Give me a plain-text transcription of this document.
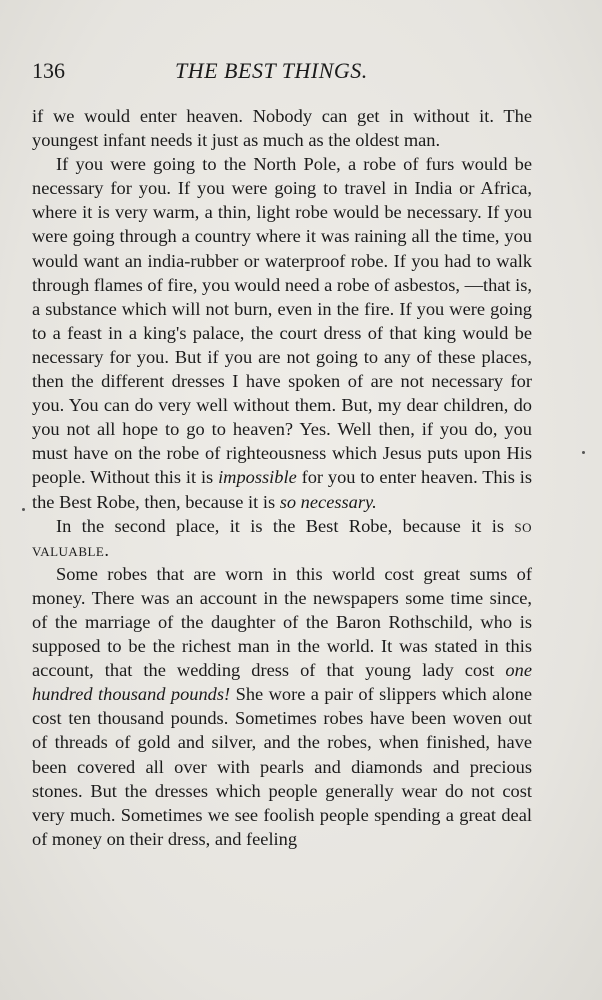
136	THE BEST THINGS.

if we would enter heaven. Nobody can get in without it. The youngest infant needs it just as much as the oldest man.

If you were going to the North Pole, a robe of furs would be necessary for you. If you were going to travel in India or Africa, where it is very warm, a thin, light robe would be necessary. If you were going through a country where it was raining all the time, you would want an india-rubber or waterproof robe. If you had to walk through flames of fire, you would need a robe of asbestos, —that is, a substance which will not burn, even in the fire. If you were going to a feast in a king's palace, the court dress of that king would be necessary for you. But if you are not going to any of these places, then the different dresses I have spoken of are not necessary for you. You can do very well without them. But, my dear children, do you not all hope to go to heaven? Yes. Well then, if you do, you must have on the robe of righteousness which Jesus puts upon His people. Without this it is impossible for you to enter heaven. This is the Best Robe, then, because it is so necessary.

In the second place, it is the Best Robe, because it is so valuable.

Some robes that are worn in this world cost great sums of money. There was an account in the newspapers some time since, of the marriage of the daughter of the Baron Rothschild, who is supposed to be the richest man in the world. It was stated in this account, that the wedding dress of that young lady cost one hundred thousand pounds! She wore a pair of slippers which alone cost ten thousand pounds. Sometimes robes have been woven out of threads of gold and silver, and the robes, when finished, have been covered all over with pearls and diamonds and precious stones. But the dresses which people generally wear do not cost very much. Sometimes we see foolish people spending a great deal of money on their dress, and feeling
